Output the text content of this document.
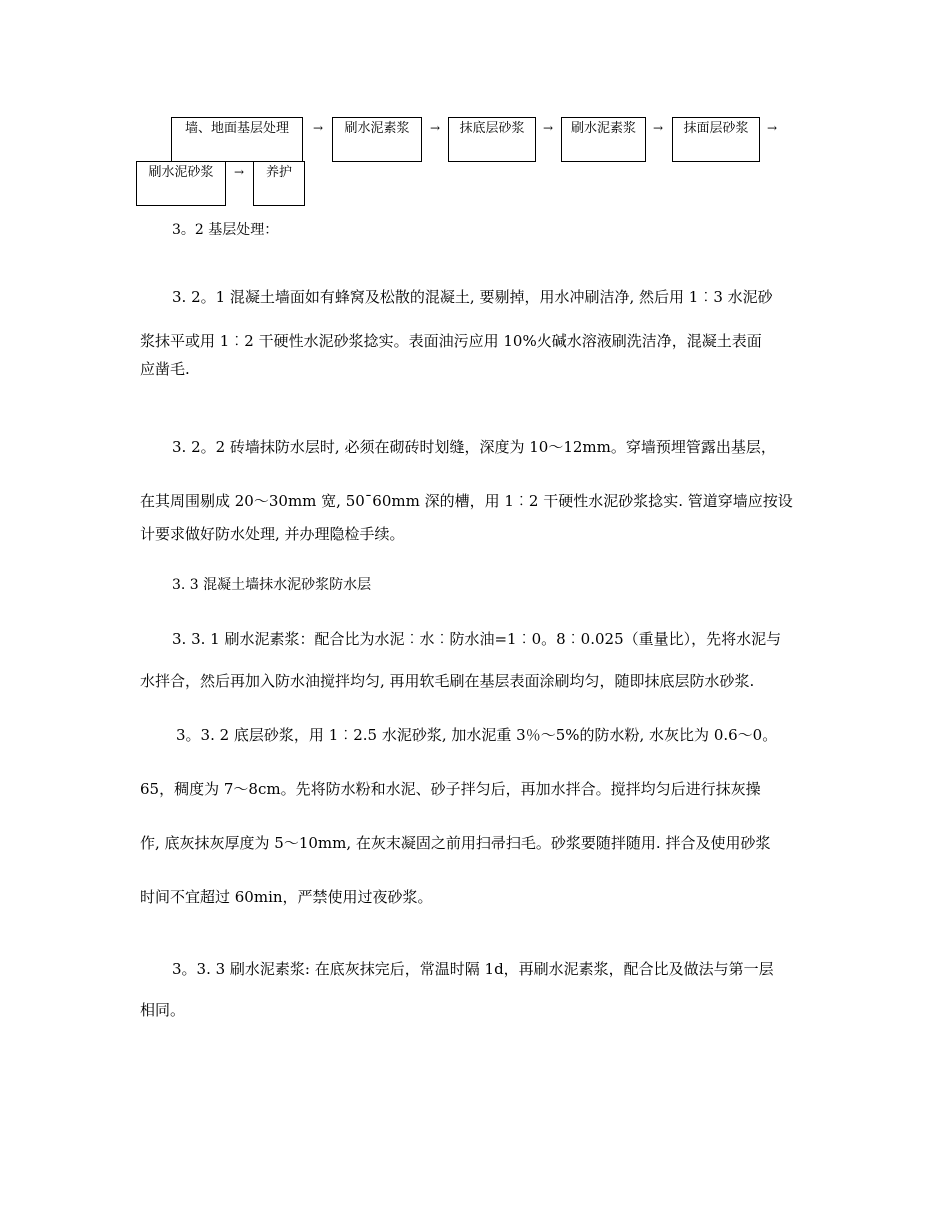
墙、地面基层处理	→	刷水泥素浆	→	抹底层砂浆	→	刷水泥素浆	→	抹面层砂浆	→
刷水泥砂浆	→	养护
3。2 基层处理：

3. 2。1 混凝土墙面如有蜂窝及松散的混凝土, 要剔掉，用水冲刷洁净, 然后用 1︰3 水泥砂

浆抹平或用 1︰2 干硬性水泥砂浆捻实。表面油污应用 10%火碱水溶液刷洗洁净，混凝土表面

应凿毛.

3. 2。2 砖墙抹防水层时, 必须在砌砖时划缝，深度为 10～12mm。穿墙预埋管露出基层，

在其周围剔成 20～30mm 宽, 50ˉ60mm 深的槽，用 1︰2 干硬性水泥砂浆捻实. 管道穿墙应按设

计要求做好防水处理, 并办理隐检手续。

3. 3 混凝土墙抹水泥砂浆防水层

3. 3. 1 刷水泥素浆：配合比为水泥︰水︰防水油=1︰0。8︰0.025（重量比），先将水泥与

水拌合，然后再加入防水油搅拌均匀, 再用软毛刷在基层表面涂刷均匀，随即抹底层防水砂浆.

3。3. 2 底层砂浆，用 1︰2.5 水泥砂浆, 加水泥重 3％～5%的防水粉, 水灰比为 0.6～0。

65，稠度为 7～8cm。先将防水粉和水泥、砂子拌匀后，再加水拌合。搅拌均匀后进行抹灰操

作, 底灰抹灰厚度为 5～10mm, 在灰末凝固之前用扫帚扫毛。砂浆要随拌随用. 拌合及使用砂浆

时间不宜超过 60min，严禁使用过夜砂浆。

3。3. 3 刷水泥素浆: 在底灰抹完后，常温时隔 1d，再刷水泥素浆，配合比及做法与第一层

相同。
